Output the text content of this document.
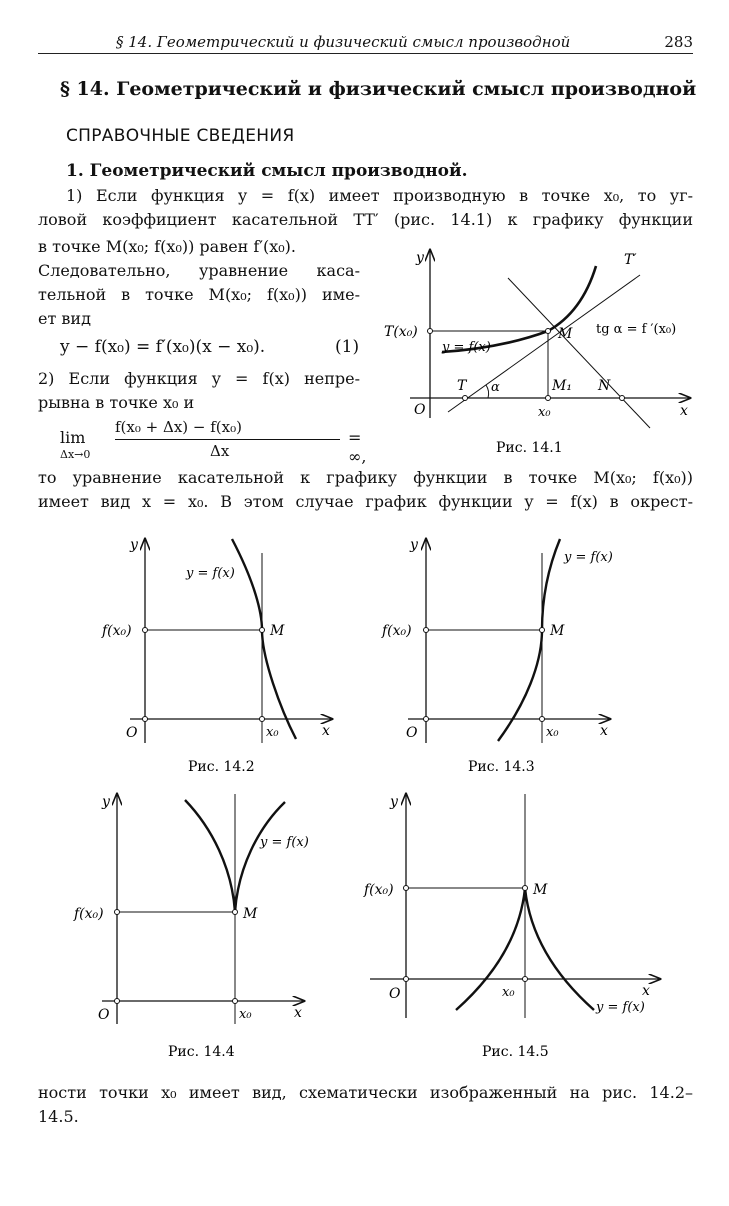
§ 14. Геометрический и физический смысл производной	283
§ 14. Геометрический и физический смысл производной
СПРАВОЧНЫЕ СВЕДЕНИЯ
1. Геометрический смысл производной.
1) Если функция y = f(x) имеет производную в точке x₀, то уг-
ловой коэффициент касательной TT′ (рис. 14.1) к графику функции
в точке M(x₀; f(x₀)) равен f′(x₀).
Следовательно, уравнение каса-
тельной в точке M(x₀; f(x₀)) име-
ет вид
y − f(x₀) = f′(x₀)(x − x₀).	(1)
2) Если функция y = f(x) непре-
рывна в точке x₀ и
lim
Δx→0
f(x₀ + Δx) − f(x₀)
Δx
= ∞,
то уравнение касательной к графику функции в точке M(x₀; f(x₀))
имеет вид x = x₀. В этом случае график функции y = f(x) в окрест-
y
x
O
T′
T(x₀)	M tg α = f ′(x₀)
y = f(x)
T α	M₁ N
x₀
Рис. 14.1
y
x
O
f(x₀)	M
x₀
y = f(x)
Рис. 14.2
y
x
O
f(x₀)	M
x₀
y = f(x)
Рис. 14.3
y
x
O
f(x₀)	M
x₀
y = f(x)
Рис. 14.4
y
x
O
f(x₀)	M
x₀
y = f(x)
Рис. 14.5
ности точки x₀ имеет вид, схематически изображенный на рис. 14.2–
14.5.
